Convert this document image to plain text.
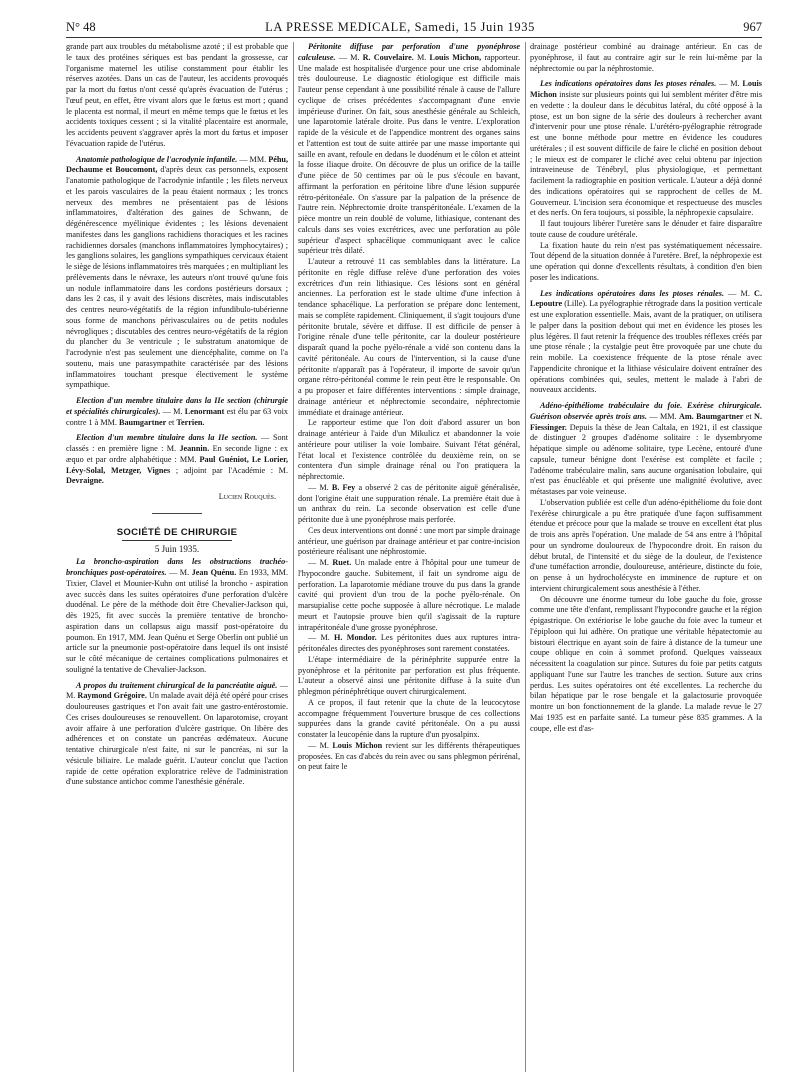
N° 48	LA PRESSE MEDICALE, Samedi, 15 Juin 1935	967

grande part aux troubles du métabolisme azoté ; il est probable que le taux des protéines sériques est bas pendant la grossesse, car l'organisme maternel les utilise constamment pour établir les réserves azotées. Dans un cas de l'auteur, les accidents provoqués par la mort du fœtus n'ont cessé qu'après évacuation de l'utérus ; l'œuf peut, en effet, être vivant alors que le fœtus est mort ; quand le placenta est normal, il meurt en même temps que le fœtus et les accidents toxiques cessent ; si la vitalité placentaire est anormale, les accidents peuvent s'aggraver après la mort du fœtus et imposer l'évacuation rapide de l'utérus.

Anatomie pathologique de l'acrodynie infantile. — MM. Péhu, Dechaume et Boucomont, d'après deux cas personnels, exposent l'anatomie pathologique de l'acrodynie infantile ; les filets nerveux et les parois vasculaires de la peau étaient normaux ; les troncs nerveux des membres ne présentaient pas de lésions inflammatoires, d'altération des gaines de Schwann, de dégénérescence myélinique évidentes ; les lésions devenaient manifestes dans les ganglions rachidiens thoraciques et les racines rachidiennes dorsales (manchons inflammatoires lymphocytaires) ; les ganglions solaires, les ganglions sympathiques cervicaux étaient le siège de lésions inflammatoires très marquées ; en multipliant les prélèvements dans le névraxe, les auteurs n'ont trouvé qu'une fois un nodule inflammatoire dans les cordons postérieurs dorsaux ; dans les 2 cas, il y avait des lésions discrètes, mais indiscutables des centres neuro-végétatifs de la région infundibulo-tubérienne sous forme de manchons périvasculaires ou de petits nodules névrogliques ; discutables des centres neuro-végétatifs de la région du plancher du 3e ventricule ; le substratum anatomique de l'acrodynie n'est pas seulement une diencéphalite, comme on l'a soutenu, mais une parasympathite caractérisée par des lésions inflammatoires touchant presque électivement le système sympathique.

Election d'un membre titulaire dans la IIe section (chirurgie et spécialités chirurgicales). — M. Lenormant est élu par 63 voix contre 1 à MM. Baumgartner et Terrien.

Election d'un membre titulaire dans la IIe section. — Sont classés : en première ligne : M. Jeannin. En seconde ligne : ex æquo et par ordre alphabétique : MM. Paul Guéniot, Le Lorier, Lévy-Solal, Metzger, Vignes ; adjoint par l'Académie : M. Devraigne.

Lucien Rouquès.
SOCIÉTÉ DE CHIRURGIE
5 Juin 1935.

La broncho-aspiration dans les obstructions trachéo-bronchiques post-opératoires. — M. Jean Quénu. En 1933, MM. Tixier, Clavel et Mounier-Kuhn ont utilisé la broncho - aspiration avec succès dans les suites opératoires d'une perforation d'ulcère duodénal. Le père de la méthode doit être Chevalier-Jackson qui, dès 1925, fit avec succès la première tentative de broncho-aspiration dans un collapsus aigu massif post-opératoire du poumon. En 1917, MM. Jean Quénu et Serge Oberlin ont publié un article sur la pneumonie post-opératoire dans lequel ils ont insisté sur le côté mécanique de certaines complications pulmonaires et souligné la tentative de Chevalier-Jackson.

A propos du traitement chirurgical de la pancréatite aiguë. — M. Raymond Grégoire. Un malade avait déjà été opéré pour crises douloureuses gastriques et l'on avait fait une gastro-entérostomie. Ces crises douloureuses se renouvellent. On laparotomise, croyant avoir affaire à une perforation d'ulcère gastrique. On libère des adhérences et on constate un pancréas œdémateux. Aucune tentative chirurgicale n'est faite, ni sur le pancréas, ni sur la vésicule biliaire. Le malade guérit. L'auteur conclut que l'action rapide de cette opération exploratrice relève de l'administration d'une substance antichoc comme l'anesthésie générale.

Péritonite diffuse par perforation d'une pyonéphrose calculeuse. — M. R. Couvelaire. M. Louis Michon, rapporteur. Une malade est hospitalisée d'urgence pour une crise abdominale très douloureuse. Le diagnostic étiologique est difficile mais l'auteur pense cependant à une possibilité rénale à cause de l'allure cyclique de crises précédentes s'accompagnant d'une envie impérieuse d'uriner. On fait, sous anesthésie générale au Schleich, une laparotomie latérale droite. Pus dans le ventre. L'exploration rapide de la vésicule et de l'appendice montrent des organes sains et l'attention est tout de suite attirée par une masse importante qui saille en avant, refoule en dedans le duodénum et le côlon et atteint la fosse iliaque droite. On découvre de plus un orifice de la taille d'une pièce de 50 centimes par où le pus s'écoule en bavant, affirmant la perforation en péritoine libre d'une lésion suppurée rétro-péritonéale. On s'assure par la palpation de la présence de l'autre rein. Néphrectomie droite transpéritonéale. L'examen de la pièce montre un rein doublé de volume, lithiasique, contenant des calculs dans ses voies excrétrices, avec une perforation au pôle supérieur d'aspect sphacélique communiquant avec le calice supérieur très dilaté.

L'auteur a retrouvé 11 cas semblables dans la littérature. La péritonite en règle diffuse relève d'une perforation des voies excrétrices d'un rein lithiasique. Ces lésions sont en général anciennes. La perforation est le stade ultime d'une infection à tendance sphacélique. La perforation se prépare donc lentement, mais se complète rapidement. Cliniquement, il s'agit toujours d'une péritonite brutale, sévère et diffuse. Il est difficile de penser à l'origine rénale d'une telle péritonite, car la douleur postérieure disparaît quand la poche pyélo-rénale a vidé son contenu dans la cavité péritonéale. Au cours de l'intervention, si la cause d'une péritonite n'apparaît pas à l'opérateur, il importe de savoir qu'un organe rétro-péritonéal comme le rein peut être le responsable. On a pu proposer et faire différentes interventions : simple drainage, drainage antérieur et néphrectomie secondaire, néphrectomie immédiate et drainage antérieur.

Le rapporteur estime que l'on doit d'abord assurer un bon drainage antérieur à l'aide d'un Mikulicz et abandonner la voie antérieure pour utiliser la voie lombaire. Suivant l'état général, l'état local et l'existence contrôlée du deuxième rein, on se contentera d'un simple drainage rénal ou l'on pratiquera la néphrectomie.

— M. B. Fey a observé 2 cas de péritonite aiguë généralisée, dont l'origine était une suppuration rénale. La première était due à un anthrax du rein. La seconde observation est celle d'une péritonite due à une pyonéphrose mais perforée.

Ces deux interventions ont donné : une mort par simple drainage antérieur, une guérison par drainage antérieur et par contre-incision postérieure réalisant une néphrostomie.

— M. Ruet. Un malade entre à l'hôpital pour une tumeur de l'hypocondre gauche. Subitement, il fait un syndrome aigu de perforation. La laparotomie médiane trouve du pus dans la grande cavité qui provient d'un trou de la poche pyélo-rénale. On marsupialise cette poche supposée à allure nécrotique. Le malade meurt et l'autopsie prouve bien qu'il s'agissait de la rupture intrapéritonéale d'une grosse pyonéphrose.

— M. H. Mondor. Les péritonites dues aux ruptures intra-péritonéales directes des pyonéphroses sont rarement constatées.

L'étape intermédiaire de la périnéphrite suppurée entre la pyonéphrose et la péritonite par perforation est plus fréquente. L'auteur a observé ainsi une péritonite diffuse à la suite d'un phlegmon périnéphrétique ouvert chirurgicalement.

A ce propos, il faut retenir que la chute de la leucocytose accompagne fréquemment l'ouverture brusque de ces collections suppurées dans la grande cavité péritonéale. On a pu aussi constater la leucopénie dans la rupture d'un pyosalpinx.

— M. Louis Michon revient sur les différents thérapeutiques proposées. En cas d'abcès du rein avec ou sans phlegmon périrénal, on peut faire le

drainage postérieur combiné au drainage antérieur. En cas de pyonéphrose, il faut au contraire agir sur le rein lui-même par la néphrectomie ou par la néphrostomie.

Les indications opératoires dans les ptoses rénales. — M. Louis Michon insiste sur plusieurs points qui lui semblent mériter d'être mis en vedette : la douleur dans le décubitus latéral, du côté opposé à la ptose, est un bon signe de la série des douleurs à rechercher avant d'intervenir pour une ptose rénale. L'urétéro-pyélographie rétrograde est une bonne méthode pour mettre en évidence les coudures urétérales ; il est souvent difficile de faire le cliché en position debout ; le mieux est de comparer le cliché avec celui obtenu par injection intraveineuse de Ténébryl, plus physiologique, et permettant facilement la radiographie en position verticale. L'auteur a déjà donné des indications opératoires qui se rapprochent de celles de M. Gouverneur. L'incision sera économique et respectueuse des muscles et des nerfs. On fera toujours, si possible, la néphropexie capsulaire.

Il faut toujours libérer l'uretère sans le dénuder et faire disparaître toute cause de coudure urétérale.

La fixation haute du rein n'est pas systématiquement nécessaire. Tout dépend de la situation donnée à l'uretère. Bref, la néphropexie est une opération qui donne d'excellents résultats, à condition d'en bien poser les indications.

Les indications opératoires dans les ptoses rénales. — M. C. Lepoutre (Lille). La pyélographie rétrograde dans la position verticale est une exploration essentielle. Mais, avant de la pratiquer, on utilisera le palper dans la position debout qui met en évidence les ptoses les plus légères. Il faut retenir la fréquence des troubles réflexes créés par une ptose rénale ; la cystalgie peut être provoquée par une chute du rein mobile. La coexistence fréquente de la ptose rénale avec l'appendicite chronique et la lithiase vésiculaire doivent entraîner des opérations combinées qui, seules, mettent le malade à l'abri de nouveaux accidents.

Adéno-épithéliome trabéculaire du foie. Exérèse chirurgicale. Guérison observée après trois ans. — MM. Am. Baumgartner et N. Fiessinger. Depuis la thèse de Jean Caltala, en 1921, il est classique de distinguer 2 groupes d'adénome solitaire : le dysembryome hépatique simple ou adénome solitaire, type Lecène, entouré d'une capsule, tumeur bénigne dont l'exérèse est complète et facile ; l'adénome trabéculaire malin, sans aucune organisation lobulaire, qui n'est pas énucléable et qui présente une malignité évolutive, avec métastases par voie veineuse.

L'observation publiée est celle d'un adéno-épithéliome du foie dont l'exérèse chirurgicale a pu être pratiquée d'une façon suffisamment étendue et précoce pour que la malade se trouve en excellent état plus de trois ans après l'opération. Une malade de 54 ans entre à l'hôpital pour un syndrome douloureux de l'hypocondre droit. En raison du début brutal, de l'intensité et du siège de la douleur, de l'existence d'une tuméfaction arrondie, douloureuse, antérieure, distincte du foie, on pense à un hydrocholécyste en imminence de rupture et on intervient chirurgicalement sous anesthésie à l'éther.

On découvre une énorme tumeur du lobe gauche du foie, grosse comme une tête d'enfant, remplissant l'hypocondre gauche et la région épigastrique. On extériorise le lobe gauche du foie avec la tumeur et l'épiploon qui lui adhère. On pratique une véritable hépatectomie au bistouri électrique en ayant soin de faire à distance de la tumeur une coupe oblique en coin à sommet profond. Quelques vaisseaux nécessitent la coagulation sur pince. Sutures du foie par petits catguts appliquant l'une sur l'autre les tranches de section. Suture aux crins perdus. Les suites opératoires ont été excellentes. La recherche du bilan hépatique par le rose bengale et la galactosurie provoquée montre un bon fonctionnement de la glande. La malade revue le 27 Mai 1935 est en parfaite santé. La tumeur pèse 835 grammes. A la coupe, elle est d'as-
